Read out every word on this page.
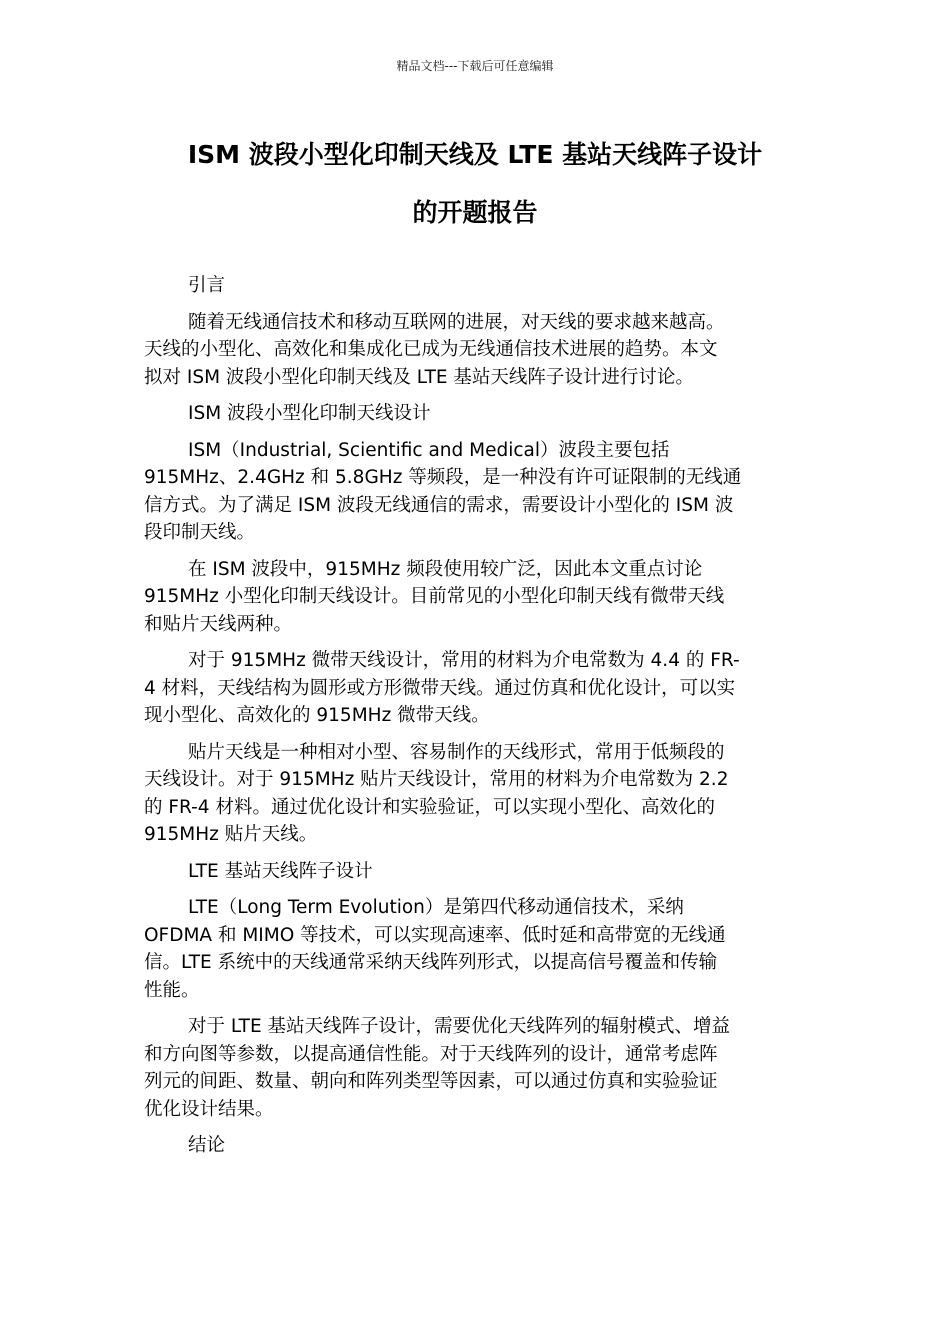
精品文档---下载后可任意编辑
ISM 波段小型化印制天线及 LTE 基站天线阵子设计
的开题报告
引言
随着无线通信技术和移动互联网的进展，对天线的要求越来越高。
天线的小型化、高效化和集成化已成为无线通信技术进展的趋势。本文
拟对 ISM 波段小型化印制天线及 LTE 基站天线阵子设计进行讨论。
ISM 波段小型化印制天线设计
ISM（Industrial, Scientific and Medical）波段主要包括
915MHz、2.4GHz 和 5.8GHz 等频段，是一种没有许可证限制的无线通
信方式。为了满足 ISM 波段无线通信的需求，需要设计小型化的 ISM 波
段印制天线。
在 ISM 波段中，915MHz 频段使用较广泛，因此本文重点讨论
915MHz 小型化印制天线设计。目前常见的小型化印制天线有微带天线
和贴片天线两种。
对于 915MHz 微带天线设计，常用的材料为介电常数为 4.4 的 FR-
4 材料，天线结构为圆形或方形微带天线。通过仿真和优化设计，可以实
现小型化、高效化的 915MHz 微带天线。
贴片天线是一种相对小型、容易制作的天线形式，常用于低频段的
天线设计。对于 915MHz 贴片天线设计，常用的材料为介电常数为 2.2
的 FR-4 材料。通过优化设计和实验验证，可以实现小型化、高效化的
915MHz 贴片天线。
LTE 基站天线阵子设计
LTE（Long Term Evolution）是第四代移动通信技术，采纳
OFDMA 和 MIMO 等技术，可以实现高速率、低时延和高带宽的无线通
信。LTE 系统中的天线通常采纳天线阵列形式，以提高信号覆盖和传输
性能。
对于 LTE 基站天线阵子设计，需要优化天线阵列的辐射模式、增益
和方向图等参数，以提高通信性能。对于天线阵列的设计，通常考虑阵
列元的间距、数量、朝向和阵列类型等因素，可以通过仿真和实验验证
优化设计结果。
结论
